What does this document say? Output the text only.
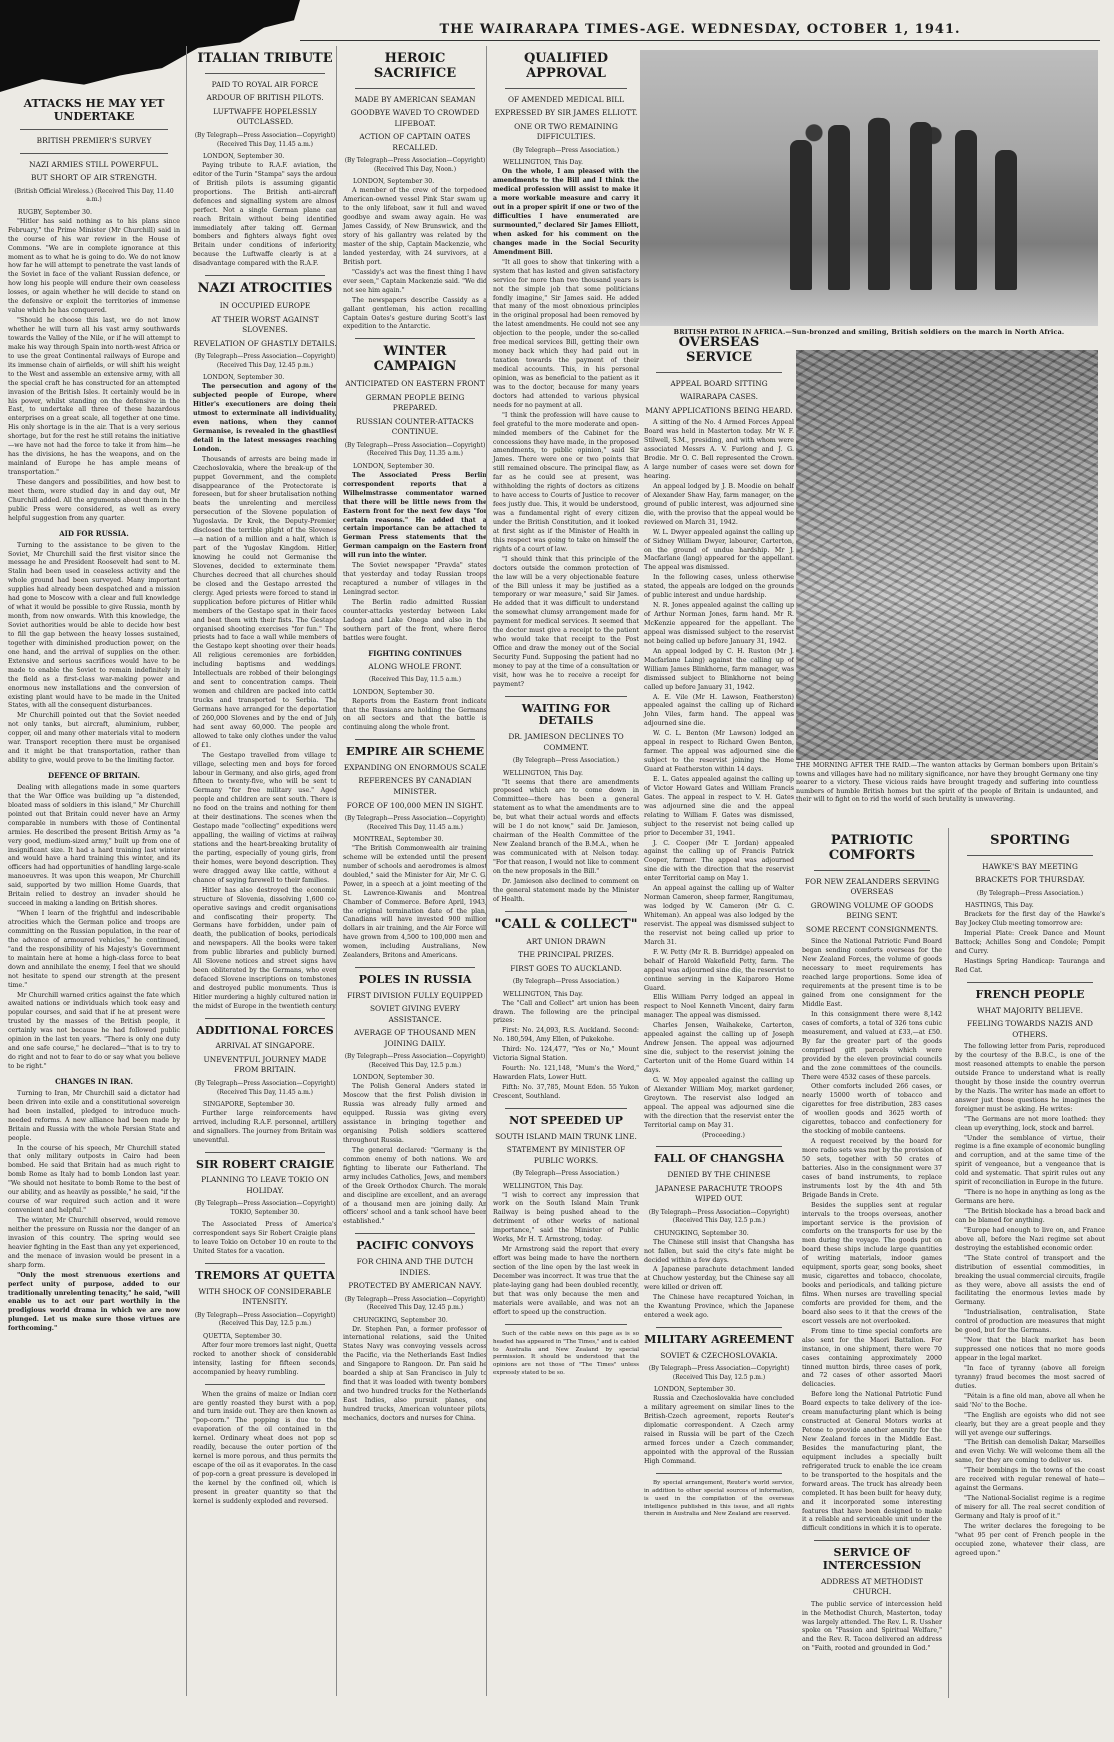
THE WAIRARAPA TIMES-AGE. WEDNESDAY, OCTOBER 1, 1941.
ATTACKS HE MAY YET UNDERTAKE
BRITISH PREMIER'S SURVEY
NAZI ARMIES STILL POWERFUL.
BUT SHORT OF AIR STRENGTH.
(British Official Wireless.) (Received This Day, 11.40 a.m.)
RUGBY, September 30.

"Hitler has said nothing as to his plans since February," the Prime Minister (Mr Churchill) said in the course of his war review in the House of Commons. "We are in complete ignorance at this moment as to what he is going to do. We do not know how far he will attempt to penetrate the vast lands of the Soviet in face of the valiant Russian defence, or how long his people will endure their own ceaseless losses, or again whether he will decide to stand on the defensive or exploit the territories of immense value which he has conquered.

"Should he choose this last, we do not know whether he will turn all his vast army southwards towards the Valley of the Nile, or if he will attempt to make his way through Spain into north-west Africa or to use the great Continental railways of Europe and its immense chain of airfields, or will shift his weight to the West and assemble an extensive army, with all the special craft he has constructed for an attempted invasion of the British Isles. It certainly would be in his power, whilst standing on the defensive in the East, to undertake all three of these hazardous enterprises on a great scale, all together at one time. His only shortage is in the air. That is a very serious shortage, but for the rest he still retains the initiative—we have not had the force to take it from him—he has the divisions, he has the weapons, and on the mainland of Europe he has ample means of transportation."

These dangers and possibilities, and how best to meet them, were studied day in and day out, Mr Churchill added. All the arguments about them in the public Press were considered, as well as every helpful suggestion from any quarter.

AID FOR RUSSIA.

Turning to the assistance to be given to the Soviet, Mr Churchill said the first visitor since the message he and President Roosevelt had sent to M. Stalin had been used in ceaseless activity and the whole ground had been surveyed. Many important supplies had already been despatched and a mission had gone to Moscow with a clear and full knowledge of what it would be possible to give Russia, month by month, from now onwards. With this knowledge, the Soviet authorities would be able to decide how best to fill the gap between the heavy losses sustained, together with diminished production power, on the one hand, and the arrival of supplies on the other. Extensive and serious sacrifices would have to be made to enable the Soviet to remain indefinitely in the field as a first-class war-making power and enormous new installations and the conversion of existing plant would have to be made in the United States, with all the consequent disturbances.

Mr Churchill pointed out that the Soviet needed not only tanks, but aircraft, aluminium, rubber, copper, oil and many other materials vital to modern war. Transport reception there must be organised and it might be that transportation, rather than ability to give, would prove to be the limiting factor.

DEFENCE OF BRITAIN.

Dealing with allegations made in some quarters that the War Office was building up "a distended, bloated mass of soldiers in this island," Mr Churchill pointed out that Britain could never have an Army comparable in numbers with those of Continental armies. He described the present British Army as "a very good, medium-sized army," built up from one of insignificant size. It had a hard training last winter and would have a hard training this winter, and its officers had had opportunities of handling large-scale manoeuvres. It was upon this weapon, Mr Churchill said, supported by two million Home Guards, that Britain relied to destroy an invader should he succeed in making a landing on British shores.

"When I learn of the frightful and indescribable atrocities which the German police and troops are committing on the Russian population, in the rear of the advance of armoured vehicles," he continued, "and the responsibility of his Majesty's Government to maintain here at home a high-class force to beat down and annihilate the enemy, I feel that we should not hesitate to spend our strength at the present time."

Mr Churchill warned critics against the fate which awaited nations or individuals which took easy and popular courses, and said that if he at present were trusted by the masses of the British people, it certainly was not because he had followed public opinion in the last ten years. "There is only one duty and one safe course," he declared—"that is to try to do right and not to fear to do or say what you believe to be right."

CHANGES IN IRAN.

Turning to Iran, Mr Churchill said a dictator had been driven into exile and a constitutional sovereign had been installed, pledged to introduce much-needed reforms. A new alliance had been made by Britain and Russia with the whole Persian State and people.

In the course of his speech, Mr Churchill stated that only military outposts in Cairo had been bombed. He said that Britain had as much right to bomb Rome as Italy had to bomb London last year. "We should not hesitate to bomb Rome to the best of our ability, and as heavily as possible," he said, "if the course of war required such action and it were convenient and helpful."

The winter, Mr Churchill observed, would remove neither the pressure on Russia nor the danger of an invasion of this country. The spring would see heavier fighting in the East than any yet experienced, and the menace of invasion would be present in a sharp form.

"Only the most strenuous exertions and perfect unity of purpose, added to our traditionally unrelenting tenacity," he said, "will enable us to act our part worthily in the prodigious world drama in which we are now plunged. Let us make sure those virtues are forthcoming."

ITALIAN TRIBUTE
PAID TO ROYAL AIR FORCE
ARDOUR OF BRITISH PILOTS.
LUFTWAFFE HOPELESSLY OUTCLASSED.
(By Telegraph—Press Association—Copyright) (Received This Day, 11.45 a.m.)
LONDON, September 30.

Paying tribute to R.A.F. aviation, the editor of the Turin "Stampa" says the ardour of British pilots is assuming gigantic proportions. The British anti-aircraft defences and signalling system are almost perfect. Not a single German plane can reach Britain without being identified immediately after taking off. German bombers and fighters always fight over Britain under conditions of inferiority, because the Luftwaffe clearly is at a disadvantage compared with the R.A.F.

NAZI ATROCITIES
IN OCCUPIED EUROPE
AT THEIR WORST AGAINST SLOVENES.
REVELATION OF GHASTLY DETAILS.
(By Telegraph—Press Association—Copyright) (Received This Day, 12.45 p.m.)
LONDON, September 30.

The persecution and agony of the subjected people of Europe, where Hitler's executioners are doing their utmost to exterminate all individuality, even nations, when they cannot Germanise, is revealed in the ghastliest detail in the latest messages reaching London.

Thousands of arrests are being made in Czechoslovakia, where the break-up of the puppet Government, and the complete disappearance of the Protectorate is foreseen, but for sheer brutalisation nothing beats the unrelenting and merciless persecution of the Slovene population of Yugoslavia. Dr Krek, the Deputy-Premier, disclosed the terrible plight of the Slovenes—a nation of a million and a half, which is part of the Yugoslav Kingdom. Hitler, knowing he could not Germanise the Slovenes, decided to exterminate them. Churches decreed that all churches should be closed and the Gestapo arrested the clergy. Aged priests were forced to stand in supplication before pictures of Hitler while members of the Gestapo spat in their faces and beat them with their fists. The Gestapo organised shooting exercises "for fun." The priests had to face a wall while members of the Gestapo kept shooting over their heads. All religious ceremonies are forbidden, including baptisms and weddings. Intellectuals are robbed of their belongings and sent to concentration camps. Their women and children are packed into cattle trucks and transported to Serbia. The Germans have arranged for the deportation of 260,000 Slovenes and by the end of July had sent away 60,000. The people are allowed to take only clothes under the value of £1.

The Gestapo travelled from village to village, selecting men and boys for forced labour in Germany, and also girls, aged from fifteen to twenty-five, who will be sent to Germany "for free military use." Aged people and children are sent south. There is no food on the trains and nothing for them at their destinations. The scenes when the Gestapo made "collecting" expeditions were appalling, the wailing of victims at railway stations and the heart-breaking brutality of the parting, especially of young girls, from their homes, were beyond description. They were dragged away like cattle, without a chance of saying farewell to their families.

Hitler has also destroyed the economic structure of Slovenia, dissolving 1,600 co-operative savings and credit organisations and confiscating their property. The Germans have forbidden, under pain of death, the publication of books, periodicals and newspapers. All the books were taken from public libraries and publicly burned. All Slovene notices and street signs have been obliterated by the Germans, who even defaced Slovene inscriptions on tombstones and destroyed public monuments. Thus is Hitler murdering a highly cultured nation in the midst of Europe in the twentieth century.

ADDITIONAL FORCES
ARRIVAL AT SINGAPORE.
UNEVENTFUL JOURNEY MADE FROM BRITAIN.
(By Telegraph—Press Association—Copyright) (Received This Day, 11.45 a.m.)
SINGAPORE, September 30.

Further large reinforcements have arrived, including R.A.F. personnel, artillery and signallers. The journey from Britain was uneventful.

SIR ROBERT CRAIGIE
PLANNING TO LEAVE TOKIO ON HOLIDAY.
(By Telegraph—Press Association—Copyright) TOKIO, September 30.

The Associated Press of America's correspondent says Sir Robert Craigie plans to leave Tokio on October 10 en route to the United States for a vacation.

TREMORS AT QUETTA
WITH SHOCK OF CONSIDERABLE INTENSITY.
(By Telegraph—Press Association—Copyright) (Received This Day, 12.5 p.m.)
QUETTA, September 30.

After four more tremors last night, Quetta rocked to another shock of considerable intensity, lasting for fifteen seconds, accompanied by heavy rumbling.

When the grains of maize or Indian corn are gently roasted they burst with a pop, and turn inside out. They are then known as "pop-corn." The popping is due to the evaporation of the oil contained in the kernel. Ordinary wheat does not pop so readily, because the outer portion of the kernel is more porous, and thus permits the escape of the oil as it evaporates. In the case of pop-corn a great pressure is developed in the kernel by the confined oil, which is present in greater quantity so that the kernel is suddenly exploded and reversed.

HEROIC SACRIFICE
MADE BY AMERICAN SEAMAN
GOODBYE WAVED TO CROWDED LIFEBOAT.
ACTION OF CAPTAIN OATES RECALLED.
(By Telegraph—Press Association—Copyright) (Received This Day, Noon.)
LONDON, September 30.

A member of the crew of the torpedoed American-owned vessel Pink Star swam up to the only lifeboat, saw it full and waved goodbye and swam away again. He was James Cassidy, of New Brunswick, and the story of his gallantry was related by the master of the ship, Captain Mackenzie, who landed yesterday, with 24 survivors, at a British port.

"Cassidy's act was the finest thing I have ever seen," Captain Mackenzie said. "We did not see him again."

The newspapers describe Cassidy as a gallant gentleman, his action recalling Captain Oates's gesture during Scott's last expedition to the Antarctic.

WINTER CAMPAIGN
ANTICIPATED ON EASTERN FRONT
GERMAN PEOPLE BEING PREPARED.
RUSSIAN COUNTER-ATTACKS CONTINUE.
(By Telegraph—Press Association—Copyright) (Received This Day, 11.35 a.m.)
LONDON, September 30.

The Associated Press Berlin correspondent reports that a Wilhelmstrasse commentator warned that there will be little news from the Eastern front for the next few days "for certain reasons." He added that a certain importance can be attached to German Press statements that the German campaign on the Eastern front will run into the winter.

The Soviet newspaper "Pravda" states that yesterday and today Russian troops recaptured a number of villages in the Leningrad sector.

The Berlin radio admitted Russian counter-attacks yesterday between Lake Ladoga and Lake Onega and also in the southern part of the front, where fierce battles were fought.

FIGHTING CONTINUES
ALONG WHOLE FRONT.
(Received This Day, 11.5 a.m.)
LONDON, September 30.

Reports from the Eastern front indicate that the Russians are holding the Germans on all sectors and that the battle is continuing along the whole front.

EMPIRE AIR SCHEME
EXPANDING ON ENORMOUS SCALE
REFERENCES BY CANADIAN MINISTER.
FORCE OF 100,000 MEN IN SIGHT.
(By Telegraph—Press Association—Copyright) (Received This Day, 11.45 a.m.)
MONTREAL, September 30.

"The British Commonwealth air training scheme will be extended until the present number of schools and aerodromes is almost doubled," said the Minister for Air, Mr C. G. Power, in a speech at a joint meeting of the St. Lawrence-Kiwanis and Montreal Chamber of Commerce. Before April, 1943, the original termination date of the plan, Canadians will have invested 900 million dollars in air training, and the Air Force will have grown from 4,500 to 100,000 men and women, including Australians, New Zealanders, Britons and Americans.

POLES IN RUSSIA
FIRST DIVISION FULLY EQUIPPED
SOVIET GIVING EVERY ASSISTANCE.
AVERAGE OF THOUSAND MEN JOINING DAILY.
(By Telegraph—Press Association—Copyright) (Received This Day, 12.5 p.m.)
LONDON, September 30.

The Polish General Anders stated in Moscow that the first Polish division in Russia was already fully armed and equipped. Russia was giving every assistance in bringing together and organising Polish soldiers scattered throughout Russia.

The general declared: "Germany is the common enemy of both nations. We are fighting to liberate our Fatherland. The army includes Catholics, Jews, and members of the Greek Orthodox Church. The morale and discipline are excellent, and an average of a thousand men are joining daily. An officers' school and a tank school have been established."

PACIFIC CONVOYS
FOR CHINA AND THE DUTCH INDIES.
PROTECTED BY AMERICAN NAVY.
(By Telegraph—Press Association—Copyright) (Received This Day, 12.45 p.m.)
CHUNGKING, September 30.

Dr. Stephen Pan, a former professor of international relations, said the United States Navy was convoying vessels across the Pacific, via the Netherlands East Indies and Singapore to Rangoon. Dr. Pan said he boarded a ship at San Francisco in July to find that it was loaded with twenty bombers and two hundred trucks for the Netherlands East Indies, also pursuit planes, one hundred trucks, American volunteer pilots, mechanics, doctors and nurses for China.

QUALIFIED APPROVAL
OF AMENDED MEDICAL BILL
EXPRESSED BY SIR JAMES ELLIOTT.
ONE OR TWO REMAINING DIFFICULTIES.
(By Telegraph—Press Association.)
WELLINGTON, This Day.

On the whole, I am pleased with the amendments to the Bill and I think the medical profession will assist to make it a more workable measure and carry it out in a proper spirit if one or two of the difficulties I have enumerated are surmounted," declared Sir James Elliott, when asked for his comment on the changes made in the Social Security Amendment Bill.

"It all goes to show that tinkering with a system that has lasted and given satisfactory service for more than two thousand years is not the simple job that some politicians fondly imagine," Sir James said. He added that many of the most obnoxious principles in the original proposal had been removed by the latest amendments. He could not see any objection to the people, under the so-called free medical services Bill, getting their own money back which they had paid out in taxation towards the payment of their medical accounts. This, in his personal opinion, was as beneficial to the patient as it was to the doctor, because for many years doctors had attended to various physical needs for no payment at all.

"I think the profession will have cause to feel grateful to the more moderate and open-minded members of the Cabinet for the concessions they have made, in the proposed amendments, to public opinion," said Sir James. There were one or two points that still remained obscure. The principal flaw, as far as he could see at present, was withholding the rights of doctors as citizens to have access to Courts of Justice to recover fees justly due. This, it would be understood, was a fundamental right of every citizen under the British Constitution, and it looked at first sight as if the Minister of Health in this respect was going to take on himself the rights of a court of law.

"I should think that this principle of the doctors outside the common protection of the law will be a very objectionable feature of the Bill unless it may be justified as a temporary or war measure," said Sir James. He added that it was difficult to understand the somewhat clumsy arrangement made for payment for medical services. It seemed that the doctor must give a receipt to the patient who would take that receipt to the Post Office and draw the money out of the Social Security Fund. Supposing the patient had no money to pay at the time of a consultation or visit, how was he to receive a receipt for payment?

WAITING FOR DETAILS
DR. JAMIESON DECLINES TO COMMENT.
(By Telegraph—Press Association.)
WELLINGTON, This Day.

"It seems that there are amendments proposed which are to come down in Committee—there has been a general statement as to what the amendments are to be, but what their actual words and effects will be I do not know," said Dr. Jamieson, chairman of the Health Committee of the New Zealand branch of the B.M.A., when he was communicated with at Nelson today. "For that reason, I would not like to comment on the new proposals in the Bill."

Dr. Jamieson also declined to comment on the general statement made by the Minister of Health.

"CALL & COLLECT"
ART UNION DRAWN
THE PRINCIPAL PRIZES.
FIRST GOES TO AUCKLAND.
(By Telegraph—Press Association.)
WELLINGTON, This Day.

The "Call and Collect" art union has been drawn. The following are the principal prizes:

First: No. 24,093, R.S. Auckland. Second: No. 180,594, Amy Ellen, of Pukekohe.

Third: No. 124,477, "Yes or No," Mount Victoria Signal Station.

Fourth: No. 121,148, "Mum's the Word," Hawarden Flats, Lower Hutt.

Fifth: No. 37,785, Mount Eden. 55 Yukon Crescent, Southland.

NOT SPEEDED UP
SOUTH ISLAND MAIN TRUNK LINE.
STATEMENT BY MINISTER OF PUBLIC WORKS.
(By Telegraph—Press Association.)
WELLINGTON, This Day.

"I wish to correct any impression that work on the South Island Main Trunk Railway is being pushed ahead to the detriment of other works of national importance," said the Minister of Public Works, Mr H. T. Armstrong, today.

Mr Armstrong said the report that every effort was being made to have the northern section of the line open by the last week in December was incorrect. It was true that the plate-laying gang had been doubled recently, but that was only because the men and materials were available, and was not an effort to speed up the construction.

Such of the cable news on this page as is so headed has appeared in "The Times," and is cabled to Australia and New Zealand by special permission. It should be understood that the opinions are not those of "The Times" unless expressly stated to be so.

BRITISH PATROL IN AFRICA.—Sun-bronzed and smiling, British soldiers on the march in North Africa.
OVERSEAS SERVICE
APPEAL BOARD SITTING
WAIRARAPA CASES.
MANY APPLICATIONS BEING HEARD.

A sitting of the No. 4 Armed Forces Appeal Board was held in Masterton today. Mr W. F. Stilwell, S.M., presiding, and with whom were associated Messrs A. V. Furlong and J. G. Brodie. Mr O. C. Bell represented the Crown. A large number of cases were set down for hearing.

An appeal lodged by J. B. Moodie on behalf of Alexander Shaw Hay, farm manager, on the ground of public interest, was adjourned sine die, with the proviso that the appeal would be reviewed on March 31, 1942.

W. L. Dwyer appealed against the calling up of Sidney William Dwyer, labourer, Carterton, on the ground of undue hardship. Mr J. Macfarlane (lang) appeared for the appellant. The appeal was dismissed.

In the following cases, unless otherwise stated, the appeals are lodged on the grounds of public interest and undue hardship.

N. R. Jones appealed against the calling up of Arthur Norman Jones, farm hand. Mr R. McKenzie appeared for the appellant. The appeal was dismissed subject to the reservist not being called up before January 31, 1942.

An appeal lodged by C. H. Ruston (Mr J. Macfarlane Laing) against the calling up of William James Blinkhorne, farm manager, was dismissed subject to Blinkhorne not being called up before January 31, 1942.

A. E. Vile (Mr H. Lawson, Featherston) appealed against the calling up of Richard John Viles, farm hand. The appeal was adjourned sine die.

W. C. L. Benton (Mr Lawson) lodged an appeal in respect to Richard Gwen Benton, farmer. The appeal was adjourned sine die subject to the reservist joining the Home Guard at Featherston within 14 days.

E. L. Gates appealed against the calling up of Victor Howard Gates and William Francis Gates. The appeal in respect to V. H. Gates was adjourned sine die and the appeal relating to William F. Gates was dismissed, subject to the reservist not being called up prior to December 31, 1941.

J. C. Cooper (Mr T. Jordan) appealed against the calling up of Francis Patrick Cooper, farmer. The appeal was adjourned sine die with the direction that the reservist enter Territorial camp on May 1.

An appeal against the calling up of Walter Norman Cameron, sheep farmer, Rangitumau, was lodged by W. Cameron (Mr G. C. Whiteman). An appeal was also lodged by the reservist. The appeal was dismissed subject to the reservist not being called up prior to March 31.

F. W. Petty (Mr R. B. Burridge) appealed on behalf of Harold Wakefield Petty, farm. The appeal was adjourned sine die, the reservist to continue serving in the Kaiparoro Home Guard.

Ellis William Perry lodged an appeal in respect to Noel Kenneth Vincent, dairy farm manager. The appeal was dismissed.

Charles Jensen, Waihakeke, Carterton, appealed against the calling up of Joseph Andrew Jensen. The appeal was adjourned sine die, subject to the reservist joining the Carterton unit of the Home Guard within 14 days.

G. W. Moy appealed against the calling up of Alexander William Moy, market gardener, Greytown. The reservist also lodged an appeal. The appeal was adjourned sine die with the direction that the reservist enter the Territorial camp on May 31.

(Proceeding.)

FALL OF CHANGSHA
DENIED BY THE CHINESE
JAPANESE PARACHUTE TROOPS WIPED OUT.
(By Telegraph—Press Association—Copyright) (Received This Day, 12.5 p.m.)
CHUNGKING, September 30.

The Chinese still insist that Changsha has not fallen, but said the city's fate might be decided within a few days.

A Japanese parachute detachment landed at Chuchow yesterday, but the Chinese say all were killed or driven off.

The Chinese have recaptured Yoichan, in the Kwantung Province, which the Japanese entered a week ago.

MILITARY AGREEMENT
SOVIET & CZECHOSLOVAKIA.
(By Telegraph—Press Association—Copyright) (Received This Day, 12.5 p.m.)
LONDON, September 30.

Russia and Czechoslovakia have concluded a military agreement on similar lines to the British-Czech agreement, reports Reuter's diplomatic correspondent. A Czech army raised in Russia will be part of the Czech armed forces under a Czech commander, appointed with the approval of the Russian High Command.

By special arrangement, Reuter's world service, in addition to other special sources of information, is used in the compilation of the overseas intelligence published in this issue, and all rights therein in Australia and New Zealand are reserved.

THE MORNING AFTER THE RAID.—The wanton attacks by German bombers upon Britain's towns and villages have had no military significance, nor have they brought Germany one tiny nearer to a victory. These vicious raids have brought tragedy and suffering into countless numbers of humble British homes but the spirit of the people of Britain is undaunted, and their will to fight on to rid the world of such brutality is unwavering.
PATRIOTIC COMFORTS
FOR NEW ZEALANDERS SERVING OVERSEAS
GROWING VOLUME OF GOODS BEING SENT.
SOME RECENT CONSIGNMENTS.

Since the National Patriotic Fund Board began sending comforts overseas for the New Zealand Forces, the volume of goods necessary to meet requirements has reached large proportions. Some idea of requirements at the present time is to be gained from one consignment for the Middle East.

In this consignment there were 8,142 cases of comforts, a total of 326 tons cubic measurement, and valued at £33,—at £50. By far the greater part of the goods comprised gift parcels which were provided by the eleven provincial councils and the zone committees of the councils. There were 4532 cases of these parcels.

Other comforts included 266 cases, or nearly 15000 worth of tobacco and cigarettes for free distribution, 283 cases of woollen goods and 3625 worth of cigarettes, tobacco and confectionery for the stocking of mobile canteens.

A request received by the board for more radio sets was met by the provision of 50 sets, together with 50 crates of batteries. Also in the consignment were 37 cases of band instruments, to replace instruments lost by the 4th and 5th Brigade Bands in Crete.

Besides the supplies sent at regular intervals to the troops overseas, another important service is the provision of comforts on the transports for use by the men during the voyage. The goods put on board these ships include large quantities of writing materials, indoor games equipment, sports gear, song books, sheet music, cigarettes and tobacco, chocolate, books and periodicals, and talking picture films. When nurses are travelling special comforts are provided for them, and the board also sees to it that the crews of the escort vessels are not overlooked.

From time to time special comforts are also sent for the Maori Battalion. For instance, in one shipment, there were 70 cases containing approximately 2000 tinned mutton birds, three cases of pork, and 72 cases of other assorted Maori delicacies.

Before long the National Patriotic Fund Board expects to take delivery of the ice-cream manufacturing plant which is being constructed at General Motors works at Petone to provide another amenity for the New Zealand forces in the Middle East. Besides the manufacturing plant, the equipment includes a specially built refrigerated truck to enable the ice cream to be transported to the hospitals and the forward areas. The truck has already been completed. It has been built for heavy duty, and it incorporated some interesting features that have been designed to make it a reliable and serviceable unit under the difficult conditions in which it is to operate.

SERVICE OF INTERCESSION
ADDRESS AT METHODIST CHURCH.

The public service of intercession held in the Methodist Church, Masterton, today was largely attended. The Rev. L. R. Ussher spoke on "Passion and Spiritual Welfare," and the Rev. R. Tacoa delivered an address on "Faith, rooted and grounded in God."

SPORTING
HAWKE'S BAY MEETING
BRACKETS FOR THURSDAY.
(By Telegraph—Press Association.)
HASTINGS, This Day.

Brackets for the first day of the Hawke's Bay Jockey Club meeting tomorrow are:

Imperial Plate: Creek Dance and Mount Battock; Achilles Song and Condole; Pompit and Curry.

Hastings Spring Handicap: Tauranga and Red Cat.

FRENCH PEOPLE
WHAT MAJORITY BELIEVE.
FEELING TOWARDS NAZIS AND OTHERS.

The following letter from Paris, reproduced by the courtesy of the B.B.C., is one of the most reasoned attempts to enable the person outside France to understand what is really thought by those inside the country overrun by the Nazis. The writer has made an effort to answer just those questions he imagines the foreigner must be asking. He writes:

"The Germans are not more loathed: they clean up everything, lock, stock and barrel.

"Under the semblance of virtue, their regime is a fine example of economic bungling and corruption, and at the same time of the spirit of vengeance, but a vengeance that is cold and systematic. That spirit rules out any spirit of reconciliation in Europe in the future.

"There is no hope in anything as long as the Germans are here.

"The British blockade has a broad back and can be blamed for anything.

"Europe had enough to live on, and France above all, before the Nazi regime set about destroying the established economic order.

"The State control of transport and the distribution of essential commodities, in breaking the usual commercial circuits, fragile as they were, above all assists the end of facilitating the enormous levies made by Germany.

"Industrialisation, centralisation, State control of production are measures that might be good, but for the Germans.

"Now that the black market has been suppressed one notices that no more goods appear in the legal market.

"In face of tyranny (above all foreign tyranny) fraud becomes the most sacred of duties.

"Pétain is a fine old man, above all when he said 'No' to the Boche.

"The English are egoists who did not see clearly, but they are a great people and they will yet avenge our sufferings.

"The British can demolish Dakar, Marseilles and even Vichy. We will welcome them all the same, for they are coming to deliver us.

"Their bombings in the towns of the coast are received with regular renewal of hate—against the Germans.

"The National-Socialist regime is a regime of misery for all. The real secret condition of Germany and Italy is proof of it."

The writer declares the foregoing to be "what 95 per cent of French people in the occupied zone, whatever their class, are agreed upon."
